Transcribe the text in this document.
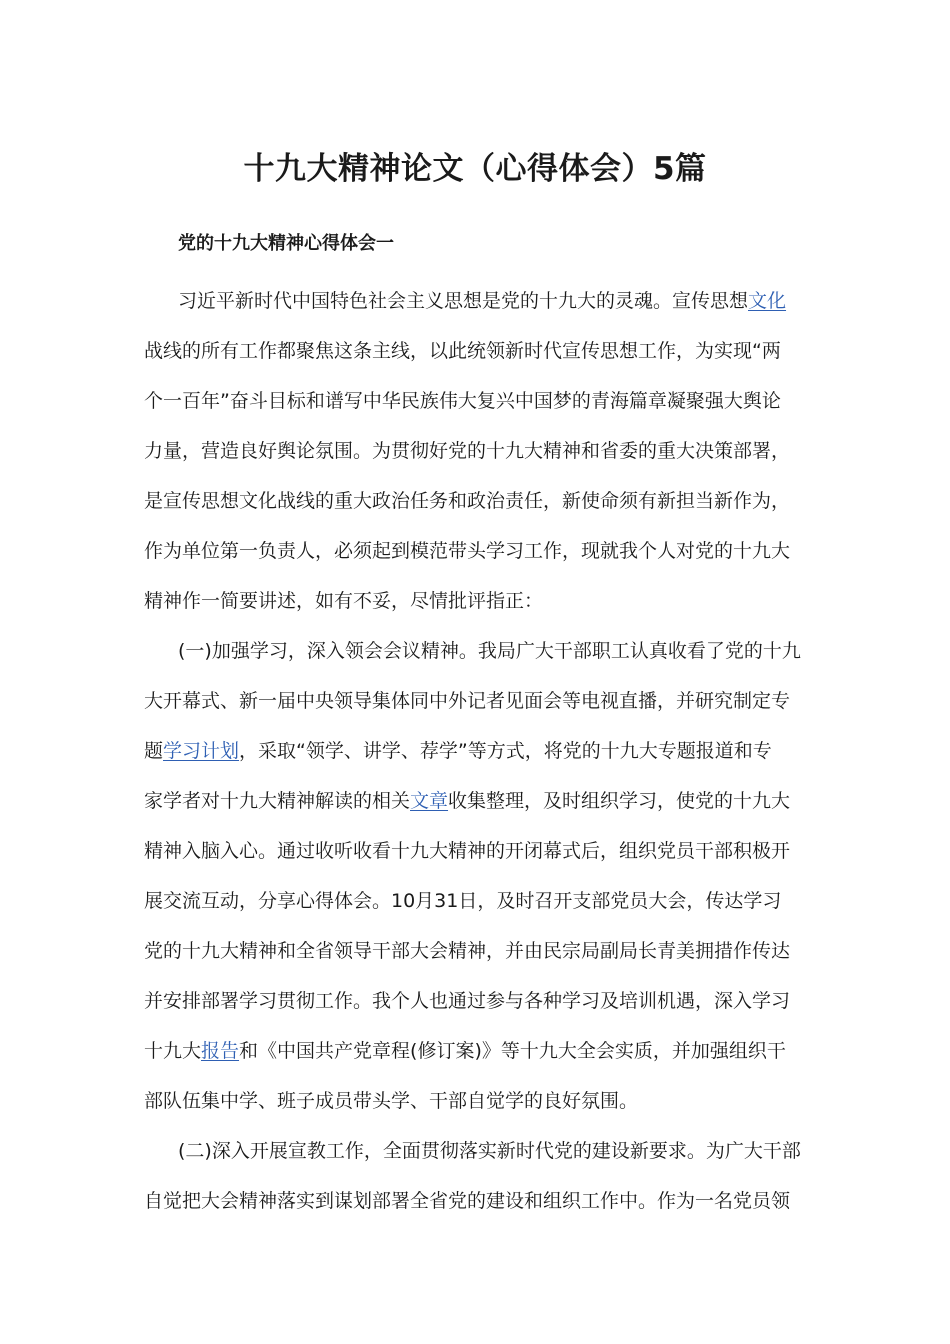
十九大精神论文（心得体会）5篇
党的十九大精神心得体会一
习近平新时代中国特色社会主义思想是党的十九大的灵魂。宣传思想文化
战线的所有工作都聚焦这条主线，以此统领新时代宣传思想工作，为实现“两
个一百年”奋斗目标和谱写中华民族伟大复兴中国梦的青海篇章凝聚强大舆论
力量，营造良好舆论氛围。为贯彻好党的十九大精神和省委的重大决策部署，
是宣传思想文化战线的重大政治任务和政治责任，新使命须有新担当新作为，
作为单位第一负责人，必须起到模范带头学习工作，现就我个人对党的十九大
精神作一简要讲述，如有不妥，尽情批评指正：
(一)加强学习，深入领会会议精神。我局广大干部职工认真收看了党的十九
大开幕式、新一届中央领导集体同中外记者见面会等电视直播，并研究制定专
题学习计划，采取“领学、讲学、荐学”等方式，将党的十九大专题报道和专
家学者对十九大精神解读的相关文章收集整理，及时组织学习，使党的十九大
精神入脑入心。通过收听收看十九大精神的开闭幕式后，组织党员干部积极开
展交流互动，分享心得体会。10月31日，及时召开支部党员大会，传达学习
党的十九大精神和全省领导干部大会精神，并由民宗局副局长青美拥措作传达
并安排部署学习贯彻工作。我个人也通过参与各种学习及培训机遇，深入学习
十九大报告和《中国共产党章程(修订案)》等十九大全会实质，并加强组织干
部队伍集中学、班子成员带头学、干部自觉学的良好氛围。
(二)深入开展宣教工作，全面贯彻落实新时代党的建设新要求。为广大干部
自觉把大会精神落实到谋划部署全省党的建设和组织工作中。作为一名党员领
